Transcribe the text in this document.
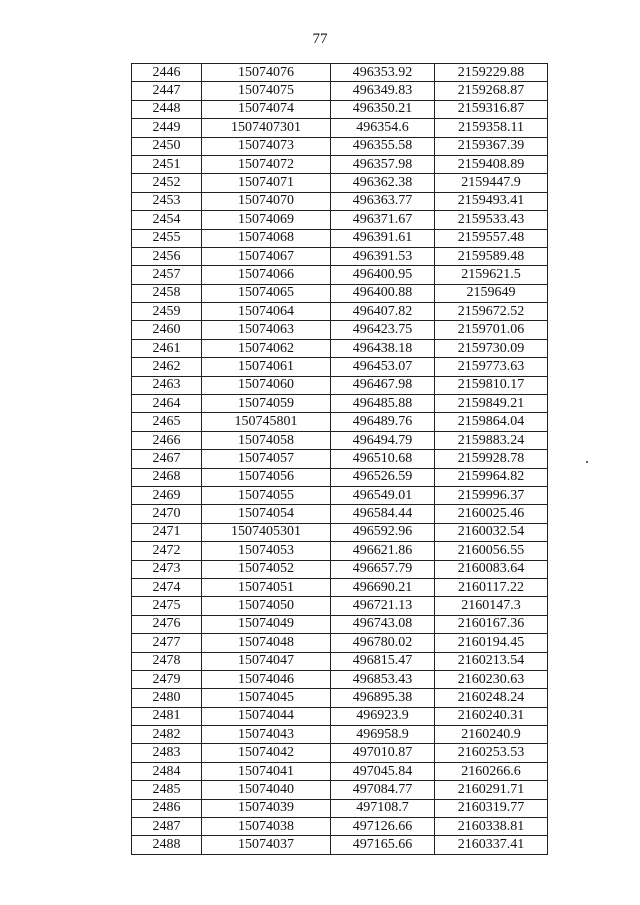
77
2446	15074076	496353.92	2159229.88
2447	15074075	496349.83	2159268.87
2448	15074074	496350.21	2159316.87
2449	1507407301	496354.6	2159358.11
2450	15074073	496355.58	2159367.39
2451	15074072	496357.98	2159408.89
2452	15074071	496362.38	2159447.9
2453	15074070	496363.77	2159493.41
2454	15074069	496371.67	2159533.43
2455	15074068	496391.61	2159557.48
2456	15074067	496391.53	2159589.48
2457	15074066	496400.95	2159621.5
2458	15074065	496400.88	2159649
2459	15074064	496407.82	2159672.52
2460	15074063	496423.75	2159701.06
2461	15074062	496438.18	2159730.09
2462	15074061	496453.07	2159773.63
2463	15074060	496467.98	2159810.17
2464	15074059	496485.88	2159849.21
2465	150745801	496489.76	2159864.04
2466	15074058	496494.79	2159883.24
2467	15074057	496510.68	2159928.78
2468	15074056	496526.59	2159964.82
2469	15074055	496549.01	2159996.37
2470	15074054	496584.44	2160025.46
2471	1507405301	496592.96	2160032.54
2472	15074053	496621.86	2160056.55
2473	15074052	496657.79	2160083.64
2474	15074051	496690.21	2160117.22
2475	15074050	496721.13	2160147.3
2476	15074049	496743.08	2160167.36
2477	15074048	496780.02	2160194.45
2478	15074047	496815.47	2160213.54
2479	15074046	496853.43	2160230.63
2480	15074045	496895.38	2160248.24
2481	15074044	496923.9	2160240.31
2482	15074043	496958.9	2160240.9
2483	15074042	497010.87	2160253.53
2484	15074041	497045.84	2160266.6
2485	15074040	497084.77	2160291.71
2486	15074039	497108.7	2160319.77
2487	15074038	497126.66	2160338.81
2488	15074037	497165.66	2160337.41
